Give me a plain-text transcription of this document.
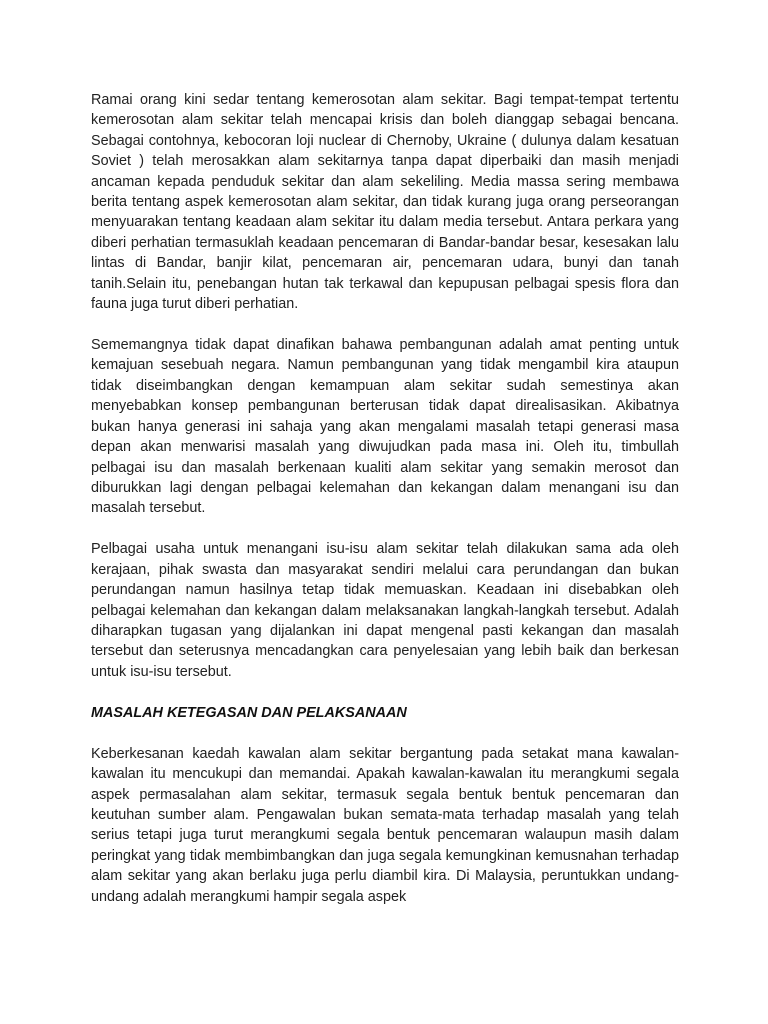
Ramai orang kini sedar tentang kemerosotan alam sekitar. Bagi tempat-tempat tertentu kemerosotan alam sekitar telah mencapai krisis dan boleh dianggap sebagai bencana. Sebagai contohnya, kebocoran loji nuclear di Chernoby, Ukraine ( dulunya dalam kesatuan Soviet ) telah merosakkan alam sekitarnya tanpa dapat diperbaiki dan masih menjadi ancaman kepada penduduk sekitar dan alam sekeliling. Media massa sering membawa berita tentang aspek kemerosotan alam sekitar, dan tidak kurang juga orang perseorangan menyuarakan tentang keadaan alam sekitar itu dalam media tersebut. Antara perkara yang diberi perhatian termasuklah keadaan pencemaran di Bandar-bandar besar, kesesakan lalu lintas di Bandar, banjir kilat, pencemaran air, pencemaran udara, bunyi dan tanah tanih.Selain itu, penebangan hutan tak terkawal dan kepupusan pelbagai spesis flora dan fauna juga turut diberi perhatian.

Sememangnya tidak dapat dinafikan bahawa pembangunan adalah amat penting untuk kemajuan sesebuah negara. Namun pembangunan yang tidak mengambil kira ataupun tidak diseimbangkan dengan kemampuan alam sekitar sudah semestinya akan menyebabkan konsep pembangunan berterusan tidak dapat direalisasikan. Akibatnya bukan hanya generasi ini sahaja yang akan mengalami masalah tetapi generasi masa depan akan menwarisi masalah yang diwujudkan pada masa ini. Oleh itu, timbullah pelbagai isu dan masalah berkenaan kualiti alam sekitar yang semakin merosot dan diburukkan lagi dengan pelbagai kelemahan dan kekangan dalam menangani isu dan masalah tersebut.

Pelbagai usaha untuk menangani isu-isu alam sekitar telah dilakukan sama ada oleh kerajaan, pihak swasta dan masyarakat sendiri melalui cara perundangan dan bukan perundangan namun hasilnya tetap tidak memuaskan. Keadaan ini disebabkan oleh pelbagai kelemahan dan kekangan dalam melaksanakan langkah-langkah tersebut. Adalah diharapkan tugasan yang dijalankan ini dapat mengenal pasti kekangan dan masalah tersebut dan seterusnya mencadangkan cara penyelesaian yang lebih baik dan berkesan untuk isu-isu tersebut.

MASALAH KETEGASAN DAN PELAKSANAAN

Keberkesanan kaedah kawalan alam sekitar bergantung pada setakat mana kawalan-kawalan itu mencukupi dan memandai. Apakah kawalan-kawalan itu merangkumi segala aspek permasalahan alam sekitar, termasuk segala bentuk bentuk pencemaran dan keutuhan sumber alam. Pengawalan bukan semata-mata terhadap masalah yang telah serius tetapi juga turut merangkumi segala bentuk pencemaran walaupun masih dalam peringkat yang tidak membimbangkan dan juga segala kemungkinan kemusnahan terhadap alam sekitar yang akan berlaku juga perlu diambil kira. Di Malaysia, peruntukkan undang-undang adalah merangkumi hampir segala aspek
